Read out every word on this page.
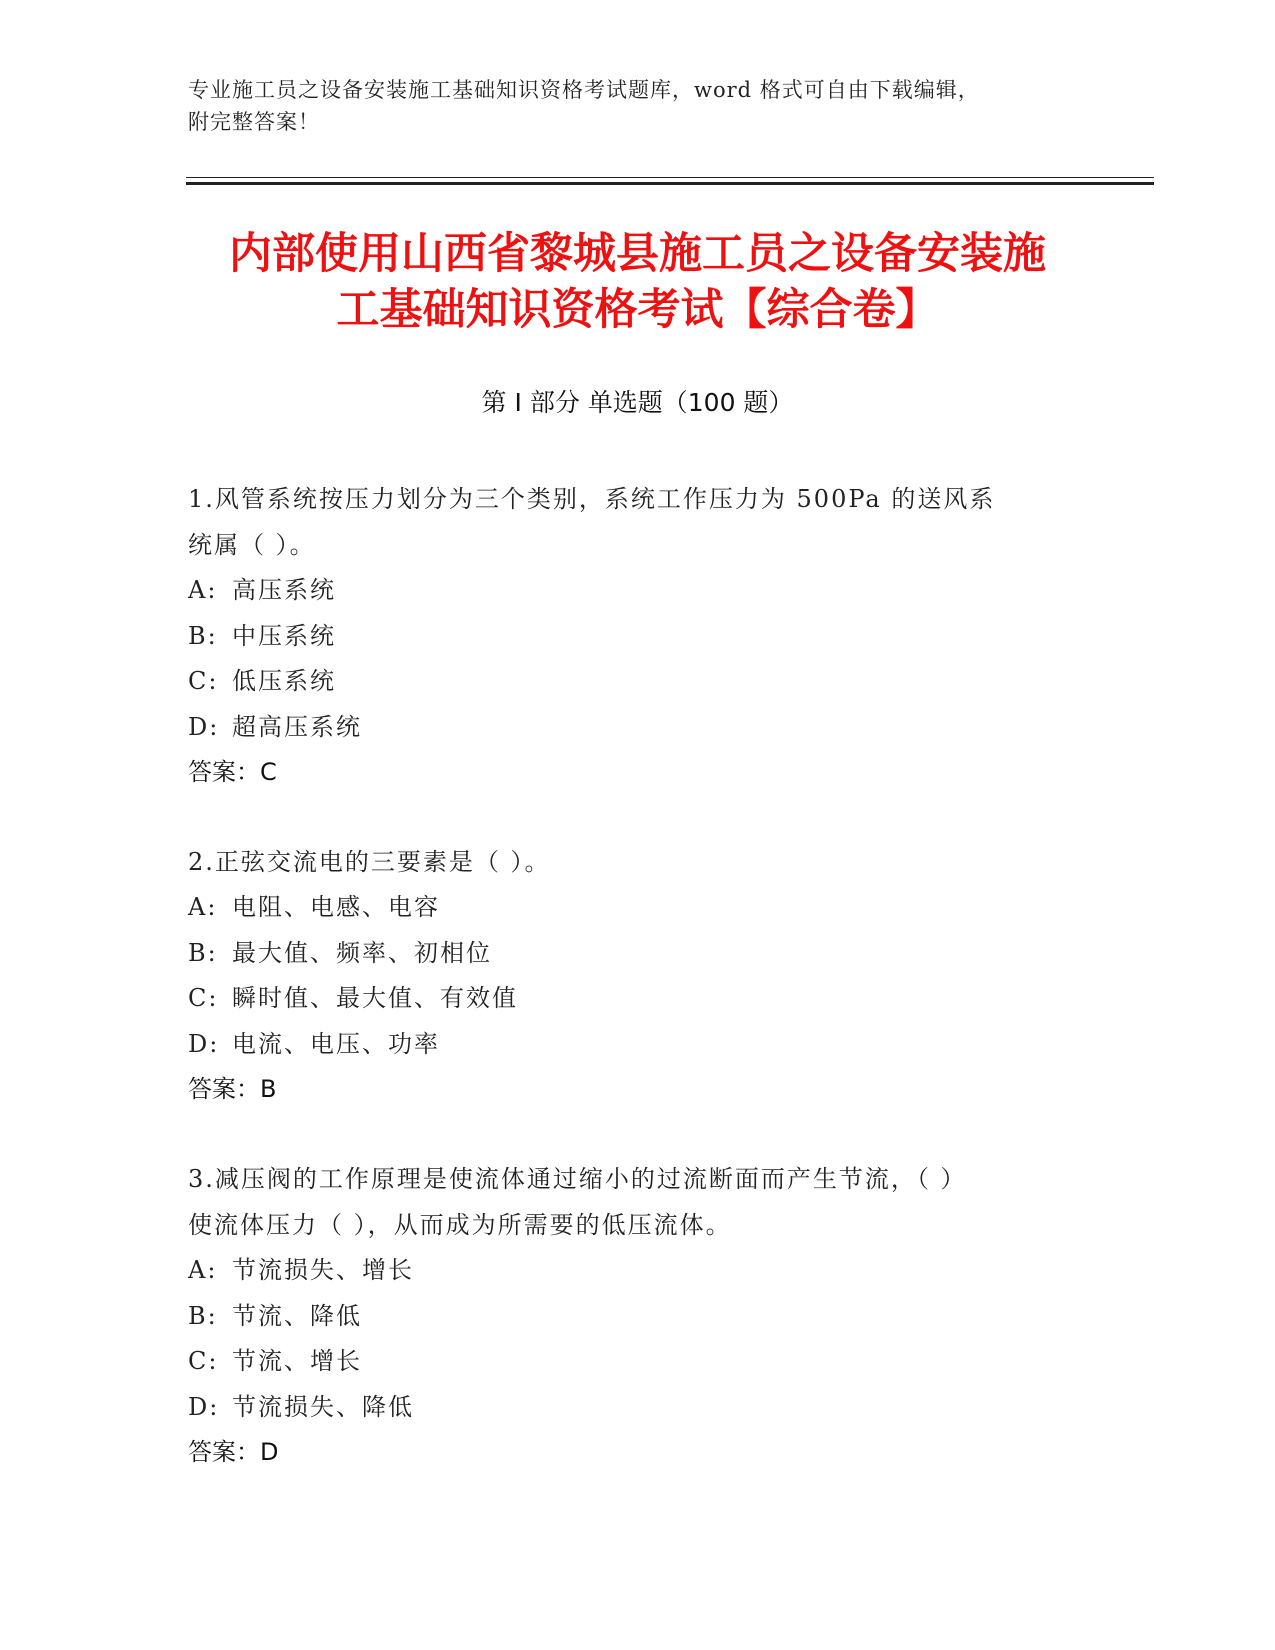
专业施工员之设备安装施工基础知识资格考试题库，word 格式可自由下载编辑，

附完整答案！

内部使用山西省黎城县施工员之设备安装施

工基础知识资格考试【综合卷】

第 I 部分 单选题（100 题）

1.风管系统按压力划分为三个类别，系统工作压力为 500Pa 的送风系

统属（ ）。

A: 高压系统

B: 中压系统

C: 低压系统

D: 超高压系统

答案：C

2.正弦交流电的三要素是（ ）。

A: 电阻、电感、电容

B: 最大值、频率、初相位

C: 瞬时值、最大值、有效值

D: 电流、电压、功率

答案：B

3.减压阀的工作原理是使流体通过缩小的过流断面而产生节流，（ ）

使流体压力（ ），从而成为所需要的低压流体。

A: 节流损失、增长

B: 节流、降低

C: 节流、增长

D: 节流损失、降低

答案：D
